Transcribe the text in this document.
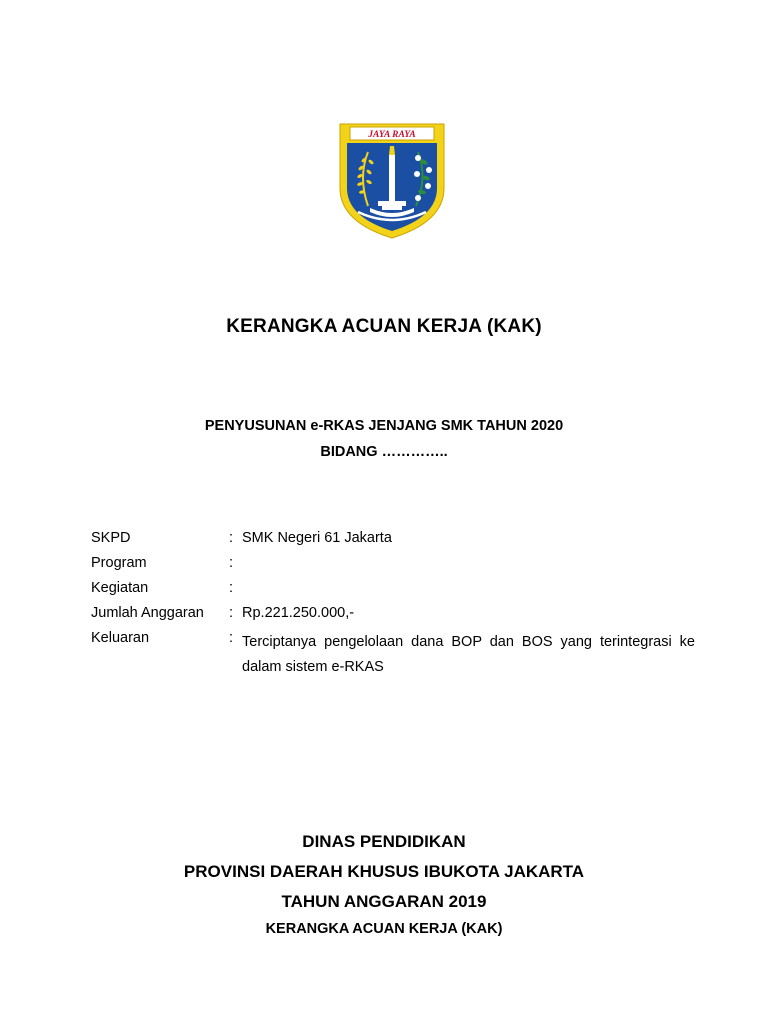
JAYA RAYA
KERANGKA ACUAN KERJA (KAK)
PENYUSUNAN e-RKAS JENJANG SMK TAHUN 2020
BIDANG …………..
SKPD	: SMK Negeri 61 Jakarta
Program	:
Kegiatan	:
Jumlah Anggaran : Rp.221.250.000,-
Keluaran	: Terciptanya pengelolaan dana BOP dan BOS yang terintegrasi ke dalam sistem e-RKAS
DINAS PENDIDIKAN
PROVINSI DAERAH KHUSUS IBUKOTA JAKARTA
TAHUN ANGGARAN 2019
KERANGKA ACUAN KERJA (KAK)
